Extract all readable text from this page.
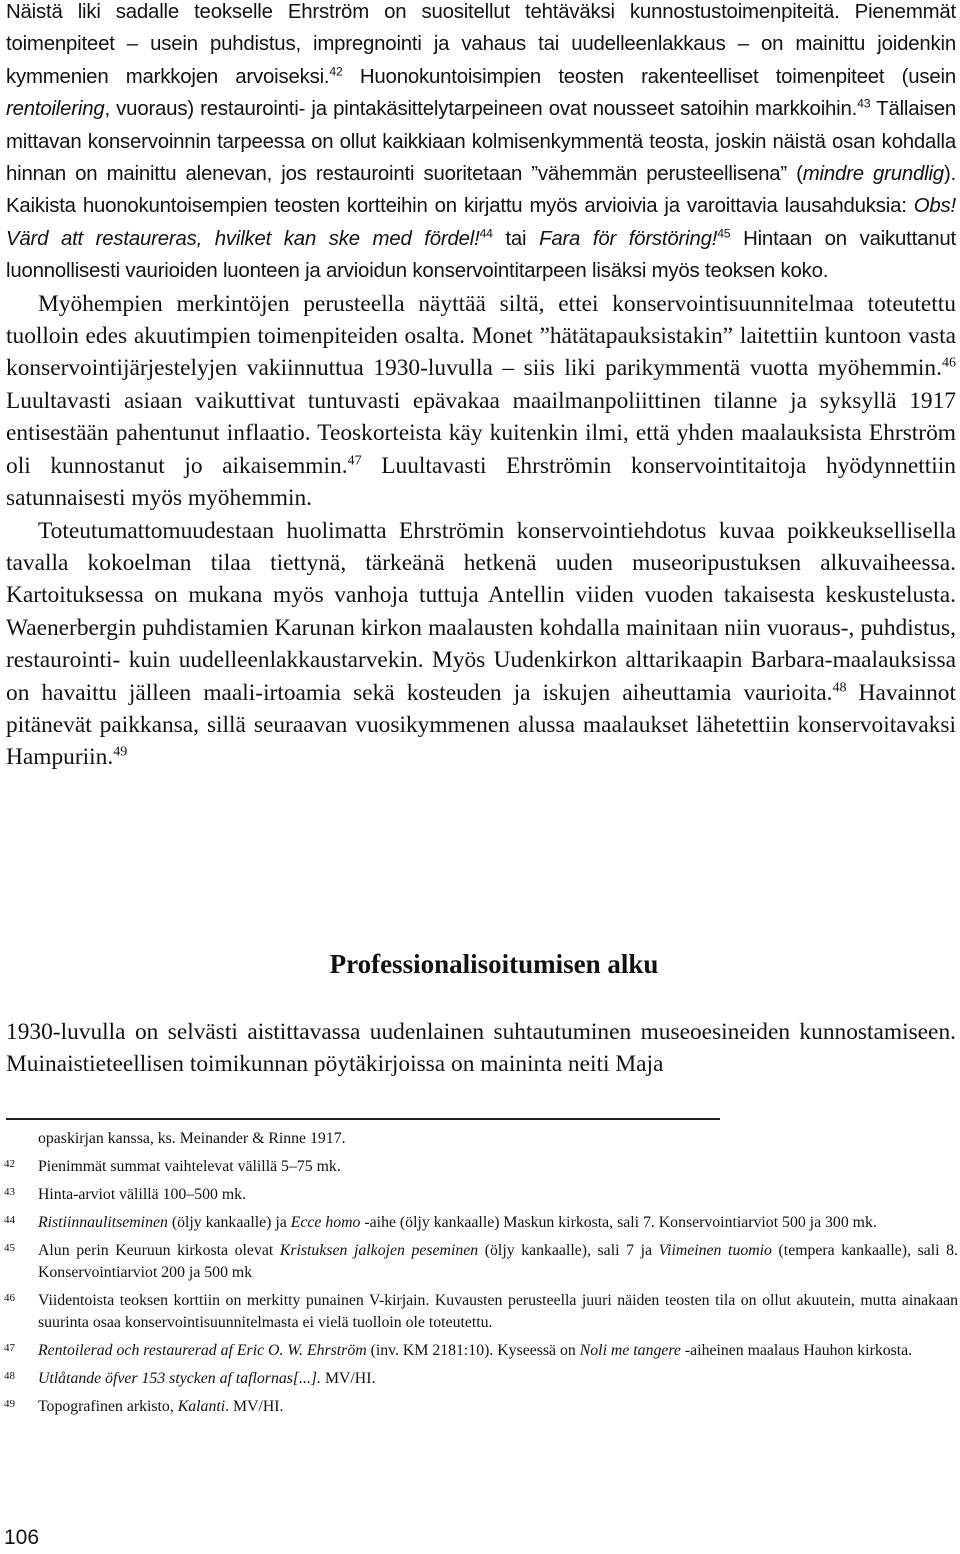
Näistä liki sadalle teokselle Ehrström on suositellut tehtäväksi kunnostustoimenpiteitä. Pienemmät toimenpiteet – usein puhdistus, impregnointi ja vahaus tai uudelleenlakkaus – on mainittu joidenkin kymmenien markkojen arvoiseksi.$^{42}$ Huonokuntoisimpien teosten rakenteelliset toimenpiteet (usein rentoilering, vuoraus) restaurointi- ja pintakäsittelytarpeineen ovat nousseet satoihin markkoihin.$^{43}$ Tällaisen mittavan konservoinnin tarpeessa on ollut kaikkiaan kolmisenkymmentä teosta, joskin näistä osan kohdalla hinnan on mainittu alenevan, jos restaurointi suoritetaan ”vähemmän perusteellisena” (mindre grundlig). Kaikista huonokuntoisempien teosten kortteihin on kirjattu myös arvioivia ja varoittavia lausahduksia: Obs! Värd att restaureras, hvilket kan ske med fördel!$^{44}$ tai Fara för förstöring!$^{45}$ Hintaan on vaikuttanut luonnollisesti vaurioiden luonteen ja arvioidun konservointitarpeen lisäksi myös teoksen koko.

Myöhempien merkintöjen perusteella näyttää siltä, ettei konservointisuunnitelmaa toteutettu tuolloin edes akuutimpien toimenpiteiden osalta. Monet ”hätätapauksistakin” laitettiin kuntoon vasta konservointijärjestelyjen vakiinnuttua 1930-luvulla – siis liki parikymmentä vuotta myöhemmin.$^{46}$ Luultavasti asiaan vaikuttivat tuntuvasti epävakaa maailmanpoliittinen tilanne ja syksyllä 1917 entisestään pahentunut inflaatio. Teoskorteista käy kuitenkin ilmi, että yhden maalauksista Ehrström oli kunnostanut jo aikaisemmin.$^{47}$ Luultavasti Ehrströmin konservointitaitoja hyödynnettiin satunnaisesti myös myöhemmin.

Toteutumattomuudestaan huolimatta Ehrströmin konservointiehdotus kuvaa poikkeuksellisella tavalla kokoelman tilaa tiettynä, tärkeänä hetkenä uuden museoripustuksen alkuvaiheessa. Kartoituksessa on mukana myös vanhoja tuttuja Antellin viiden vuoden takaisesta keskustelusta. Waenerbergin puhdistamien Karunan kirkon maalausten kohdalla mainitaan niin vuoraus-, puhdistus, restaurointi- kuin uudelleenlakkaustarvekin. Myös Uudenkirkon alttarikaapin Barbara-maalauksissa on havaittu jälleen maali-irtoamia sekä kosteuden ja iskujen aiheuttamia vaurioita.$^{48}$ Havainnot pitänevät paikkansa, sillä seuraavan vuosikymmenen alussa maalaukset lähetettiin konservoitavaksi Hampuriin.$^{49}$

Professionalisoitumisen alku

1930-luvulla on selvästi aistittavassa uudenlainen suhtautuminen museoesineiden kunnostamiseen. Muinaistieteellisen toimikunnan pöytäkirjoissa on maininta neiti Maja

opaskirjan kanssa, ks. Meinander & Rinne 1917.
42 Pienimmät summat vaihtelevat välillä 5–75 mk.
43 Hinta-arviot välillä 100–500 mk.
44 Ristiinnaulitseminen (öljy kankaalle) ja Ecce homo -aihe (öljy kankaalle) Maskun kirkosta, sali 7. Konservointiarviot 500 ja 300 mk.
45 Alun perin Keuruun kirkosta olevat Kristuksen jalkojen peseminen (öljy kankaalle), sali 7 ja Viimeinen tuomio (tempera kankaalle), sali 8. Konservointiarviot 200 ja 500 mk
46 Viidentoista teoksen korttiin on merkitty punainen V-kirjain. Kuvausten perusteella juuri näiden teosten tila on ollut akuutein, mutta ainakaan suurinta osaa konservointisuunnitelmasta ei vielä tuolloin ole toteutettu.
47 Rentoilerad och restaurerad af Eric O. W. Ehrström (inv. KM 2181:10). Kyseessä on Noli me tangere -aiheinen maalaus Hauhon kirkosta.
48 Utlåtande öfver 153 stycken af taflornas[...]. MV/HI.
49 Topografinen arkisto, Kalanti. MV/HI.
106
